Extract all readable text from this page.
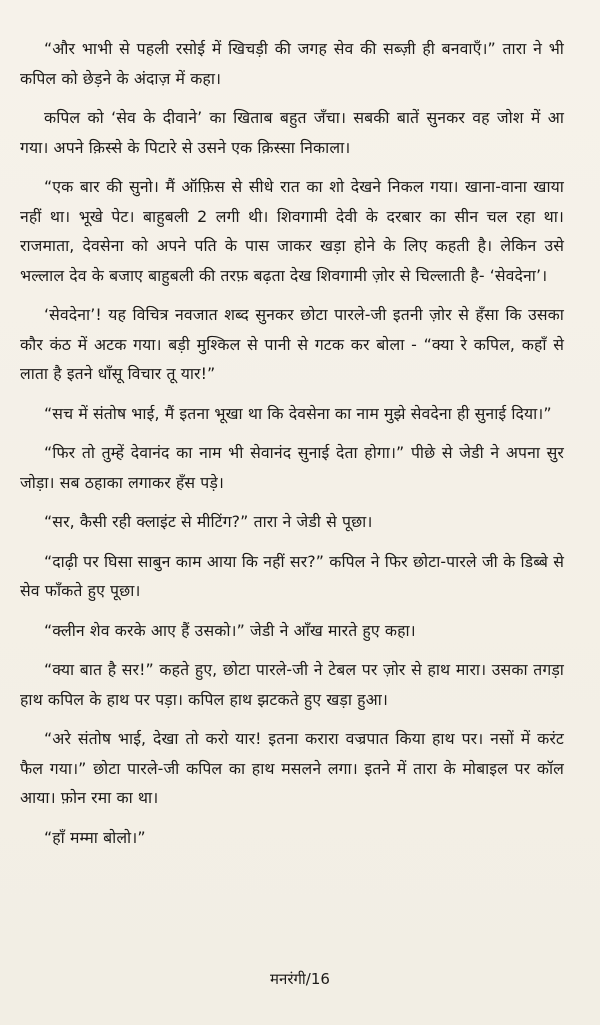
“और भाभी से पहली रसोई में खिचड़ी की जगह सेव की सब्ज़ी ही बनवाएँ।” तारा ने भी कपिल को छेड़ने के अंदाज़ में कहा।

कपिल को ‘सेव के दीवाने’ का खिताब बहुत जँचा। सबकी बातें सुनकर वह जोश में आ गया। अपने क़िस्से के पिटारे से उसने एक क़िस्सा निकाला।

“एक बार की सुनो। मैं ऑफ़िस से सीधे रात का शो देखने निकल गया। खाना-वाना खाया नहीं था। भूखे पेट। बाहुबली 2 लगी थी। शिवगामी देवी के दरबार का सीन चल रहा था। राजमाता, देवसेना को अपने पति के पास जाकर खड़ा होने के लिए कहती है। लेकिन उसे भल्लाल देव के बजाए बाहुबली की तरफ़ बढ़ता देख शिवगामी ज़ोर से चिल्लाती है- ‘सेवदेना’।

‘सेवदेना’! यह विचित्र नवजात शब्द सुनकर छोटा पारले-जी इतनी ज़ोर से हँसा कि उसका कौर कंठ में अटक गया। बड़ी मुश्किल से पानी से गटक कर बोला - “क्या रे कपिल, कहाँ से लाता है इतने धाँसू विचार तू यार!”

“सच में संतोष भाई, मैं इतना भूखा था कि देवसेना का नाम मुझे सेवदेना ही सुनाई दिया।”

“फिर तो तुम्हें देवानंद का नाम भी सेवानंद सुनाई देता होगा।” पीछे से जेडी ने अपना सुर जोड़ा। सब ठहाका लगाकर हँस पड़े।

“सर, कैसी रही क्लाइंट से मीटिंग?” तारा ने जेडी से पूछा।

“दाढ़ी पर घिसा साबुन काम आया कि नहीं सर?” कपिल ने फिर छोटा-पारले जी के डिब्बे से सेव फाँकते हुए पूछा।

“क्लीन शेव करके आए हैं उसको।” जेडी ने आँख मारते हुए कहा।

“क्या बात है सर!” कहते हुए, छोटा पारले-जी ने टेबल पर ज़ोर से हाथ मारा। उसका तगड़ा हाथ कपिल के हाथ पर पड़ा। कपिल हाथ झटकते हुए खड़ा हुआ।

“अरे संतोष भाई, देखा तो करो यार! इतना करारा वज्रपात किया हाथ पर। नसों में करंट फैल गया।” छोटा पारले-जी कपिल का हाथ मसलने लगा। इतने में तारा के मोबाइल पर कॉल आया। फ़ोन रमा का था।

“हाँ मम्मा बोलो।”

मनरंगी/16
